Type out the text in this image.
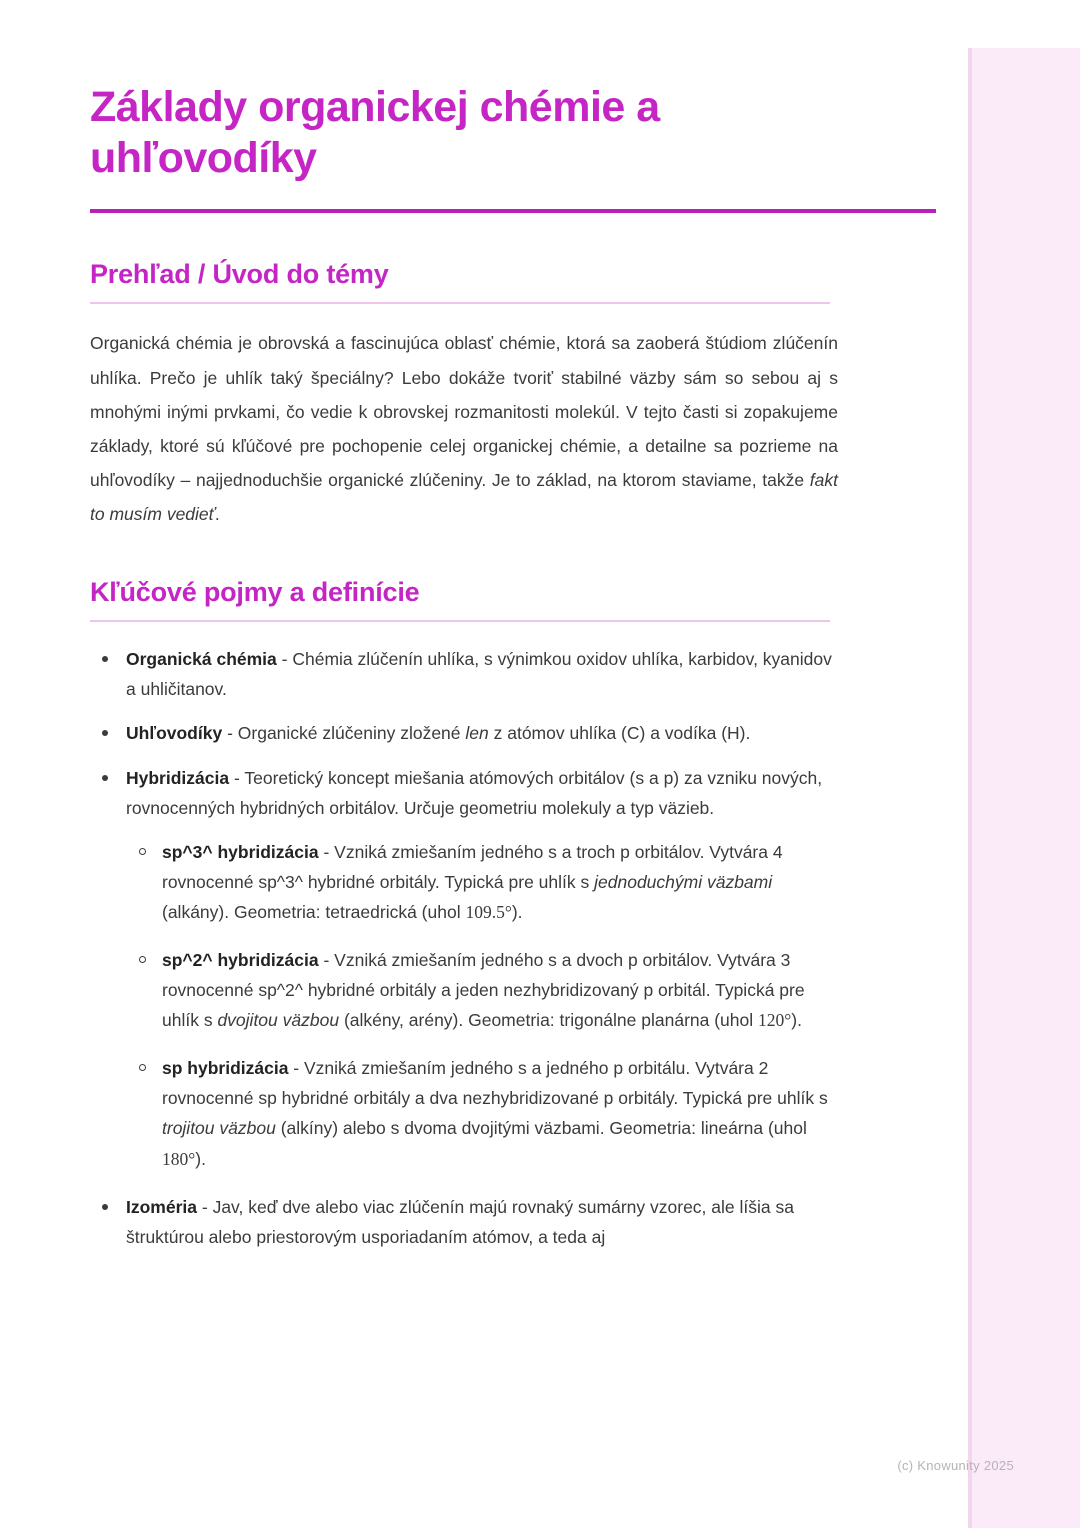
Základy organickej chémie a uhľovodíky
Prehľad / Úvod do témy

Organická chémia je obrovská a fascinujúca oblasť chémie, ktorá sa zaoberá štúdiom zlúčenín uhlíka. Prečo je uhlík taký špeciálny? Lebo dokáže tvoriť stabilné väzby sám so sebou aj s mnohými inými prvkami, čo vedie k obrovskej rozmanitosti molekúl. V tejto časti si zopakujeme základy, ktoré sú kľúčové pre pochopenie celej organickej chémie, a detailne sa pozrieme na uhľovodíky – najjednoduchšie organické zlúčeniny. Je to základ, na ktorom staviame, takže fakt to musím vedieť.

Kľúčové pojmy a definície
Organická chémia - Chémia zlúčenín uhlíka, s výnimkou oxidov uhlíka, karbidov, kyanidov a uhličitanov.
Uhľovodíky - Organické zlúčeniny zložené len z atómov uhlíka (C) a vodíka (H).
Hybridizácia - Teoretický koncept miešania atómových orbitálov (s a p) za vzniku nových, rovnocenných hybridných orbitálov. Určuje geometriu molekuly a typ väzieb.
sp^3^ hybridizácia - Vzniká zmiešaním jedného s a troch p orbitálov. Vytvára 4 rovnocenné sp^3^ hybridné orbitály. Typická pre uhlík s jednoduchými väzbami (alkány). Geometria: tetraedrická (uhol 109.5°).
sp^2^ hybridizácia - Vzniká zmiešaním jedného s a dvoch p orbitálov. Vytvára 3 rovnocenné sp^2^ hybridné orbitály a jeden nezhybridizovaný p orbitál. Typická pre uhlík s dvojitou väzbou (alkény, arény). Geometria: trigonálne planárna (uhol 120°).
sp hybridizácia - Vzniká zmiešaním jedného s a jedného p orbitálu. Vytvára 2 rovnocenné sp hybridné orbitály a dva nezhybridizované p orbitály. Typická pre uhlík s trojitou väzbou (alkíny) alebo s dvoma dvojitými väzbami. Geometria: lineárna (uhol 180°).
Izoméria - Jav, keď dve alebo viac zlúčenín majú rovnaký sumárny vzorec, ale líšia sa štruktúrou alebo priestorovým usporiadaním atómov, a teda aj
(c) Knowunity 2025
